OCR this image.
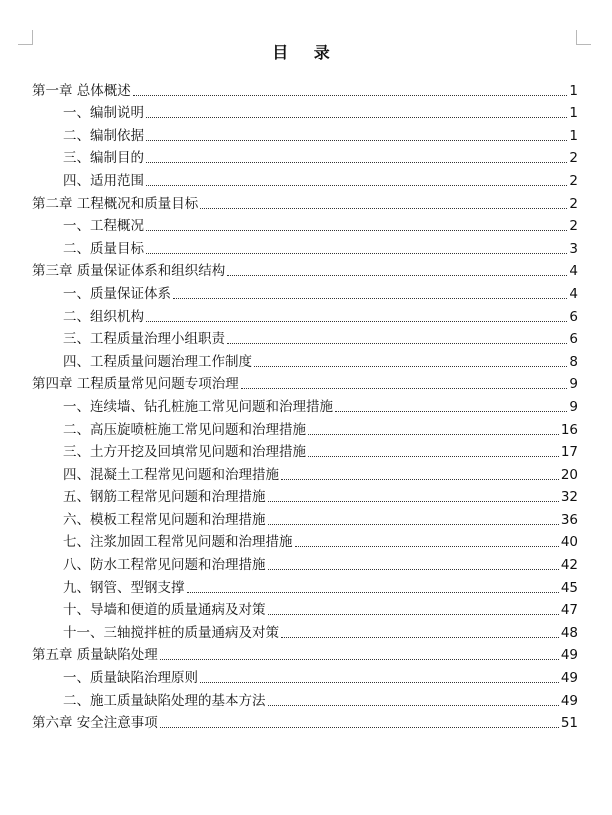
目 录
第一章 总体概述	1
一、编制说明	1
二、编制依据	1
三、编制目的	2
四、适用范围	2
第二章 工程概况和质量目标	2
一、工程概况	2
二、质量目标	3
第三章 质量保证体系和组织结构	4
一、质量保证体系	4
二、组织机构	6
三、工程质量治理小组职责	6
四、工程质量问题治理工作制度	8
第四章 工程质量常见问题专项治理	9
一、连续墙、钻孔桩施工常见问题和治理措施	9
二、高压旋喷桩施工常见问题和治理措施	16
三、土方开挖及回填常见问题和治理措施	17
四、混凝土工程常见问题和治理措施	20
五、钢筋工程常见问题和治理措施	32
六、模板工程常见问题和治理措施	36
七、注浆加固工程常见问题和治理措施	40
八、防水工程常见问题和治理措施	42
九、钢管、型钢支撑	45
十、导墙和便道的质量通病及对策	47
十一、三轴搅拌桩的质量通病及对策	48
第五章 质量缺陷处理	49
一、质量缺陷治理原则	49
二、施工质量缺陷处理的基本方法	49
第六章 安全注意事项	51
